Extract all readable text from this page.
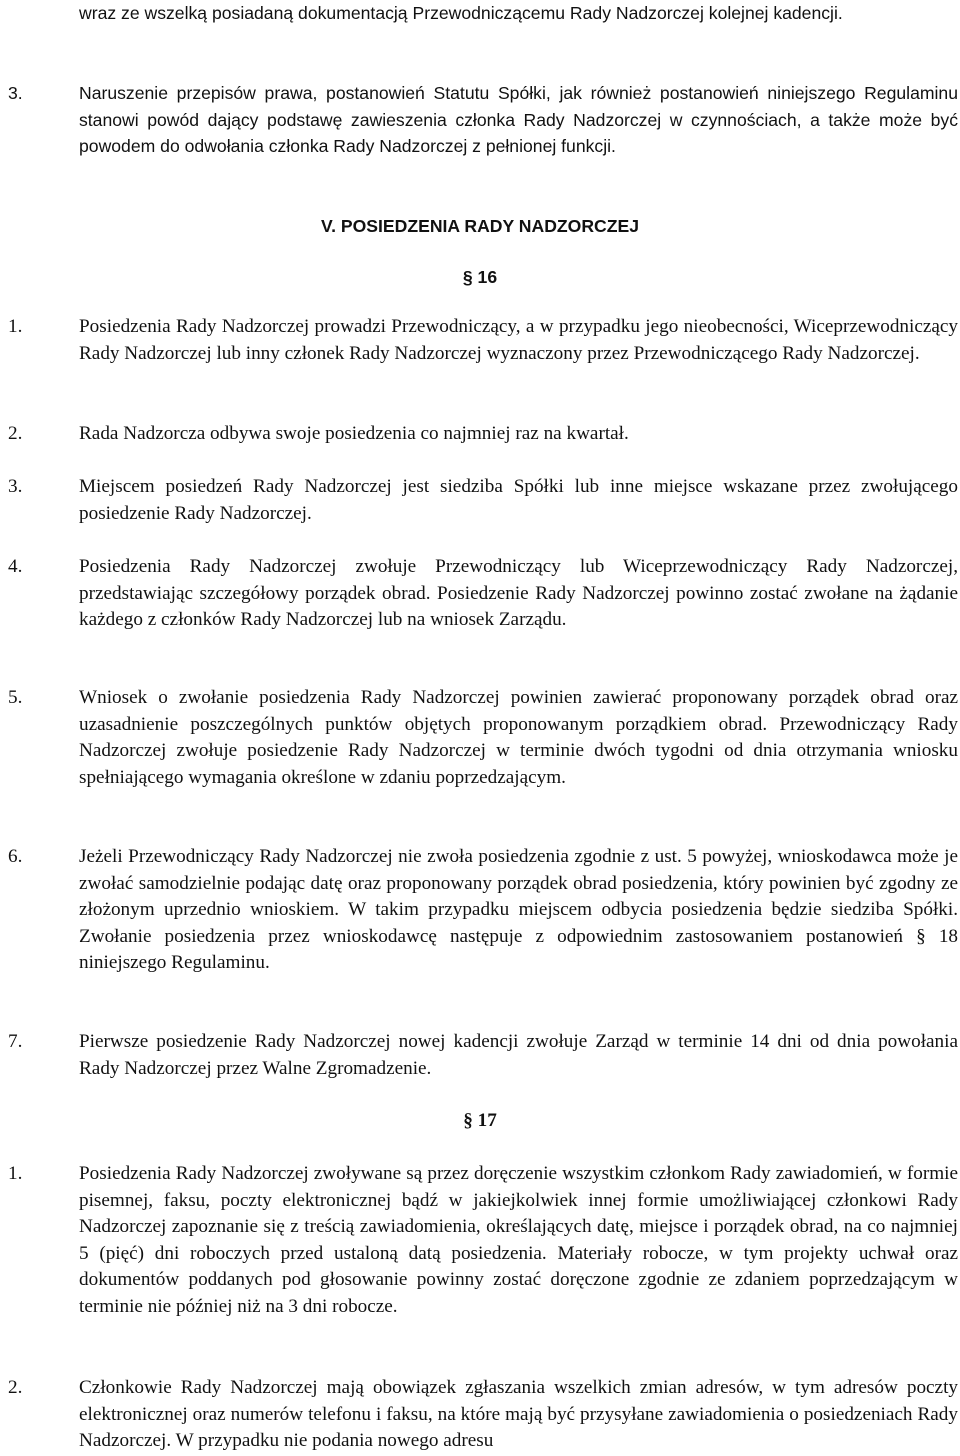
wraz ze wszelką posiadaną dokumentacją Przewodniczącemu Rady Nadzorczej kolejnej kadencji.
3.	Naruszenie przepisów prawa, postanowień Statutu Spółki, jak również postanowień niniejszego Regulaminu stanowi powód dający podstawę zawieszenia członka Rady Nadzorczej w czynnościach, a także może być powodem do odwołania członka Rady Nadzorczej z pełnionej funkcji.
V. POSIEDZENIA RADY NADZORCZEJ
§ 16
1.	Posiedzenia Rady Nadzorczej prowadzi Przewodniczący, a w przypadku jego nieobecności, Wiceprzewodniczący Rady Nadzorczej lub inny członek Rady Nadzorczej wyznaczony przez Przewodniczącego Rady Nadzorczej.
2.	Rada Nadzorcza odbywa swoje posiedzenia co najmniej raz na kwartał.
3.	Miejscem posiedzeń Rady Nadzorczej jest siedziba Spółki lub inne miejsce wskazane przez zwołującego posiedzenie Rady Nadzorczej.
4.	Posiedzenia Rady Nadzorczej zwołuje Przewodniczący lub Wiceprzewodniczący Rady Nadzorczej, przedstawiając szczegółowy porządek obrad. Posiedzenie Rady Nadzorczej powinno zostać zwołane na żądanie każdego z członków Rady Nadzorczej lub na wniosek Zarządu.
5.	Wniosek o zwołanie posiedzenia Rady Nadzorczej powinien zawierać proponowany porządek obrad oraz uzasadnienie poszczególnych punktów objętych proponowanym porządkiem obrad. Przewodniczący Rady Nadzorczej zwołuje posiedzenie Rady Nadzorczej w terminie dwóch tygodni od dnia otrzymania wniosku spełniającego wymagania określone w zdaniu poprzedzającym.
6.	Jeżeli Przewodniczący Rady Nadzorczej nie zwoła posiedzenia zgodnie z ust. 5 powyżej, wnioskodawca może je zwołać samodzielnie podając datę oraz proponowany porządek obrad posiedzenia, który powinien być zgodny ze złożonym uprzednio wnioskiem. W takim przypadku miejscem odbycia posiedzenia będzie siedziba Spółki. Zwołanie posiedzenia przez wnioskodawcę następuje z odpowiednim zastosowaniem postanowień § 18 niniejszego Regulaminu.
7.	Pierwsze posiedzenie Rady Nadzorczej nowej kadencji zwołuje Zarząd w terminie 14 dni od dnia powołania Rady Nadzorczej przez Walne Zgromadzenie.
§ 17
1.	Posiedzenia Rady Nadzorczej zwoływane są przez doręczenie wszystkim członkom Rady zawiadomień, w formie pisemnej, faksu, poczty elektronicznej bądź w jakiejkolwiek innej formie umożliwiającej członkowi Rady Nadzorczej zapoznanie się z treścią zawiadomienia, określających datę, miejsce i porządek obrad, na co najmniej 5 (pięć) dni roboczych przed ustaloną datą posiedzenia. Materiały robocze, w tym projekty uchwał oraz dokumentów poddanych pod głosowanie powinny zostać doręczone zgodnie ze zdaniem poprzedzającym w terminie nie później niż na 3 dni robocze.
2.	Członkowie Rady Nadzorczej mają obowiązek zgłaszania wszelkich zmian adresów, w tym adresów poczty elektronicznej oraz numerów telefonu i faksu, na które mają być przysyłane zawiadomienia o posiedzeniach Rady Nadzorczej. W przypadku nie podania nowego adresu
